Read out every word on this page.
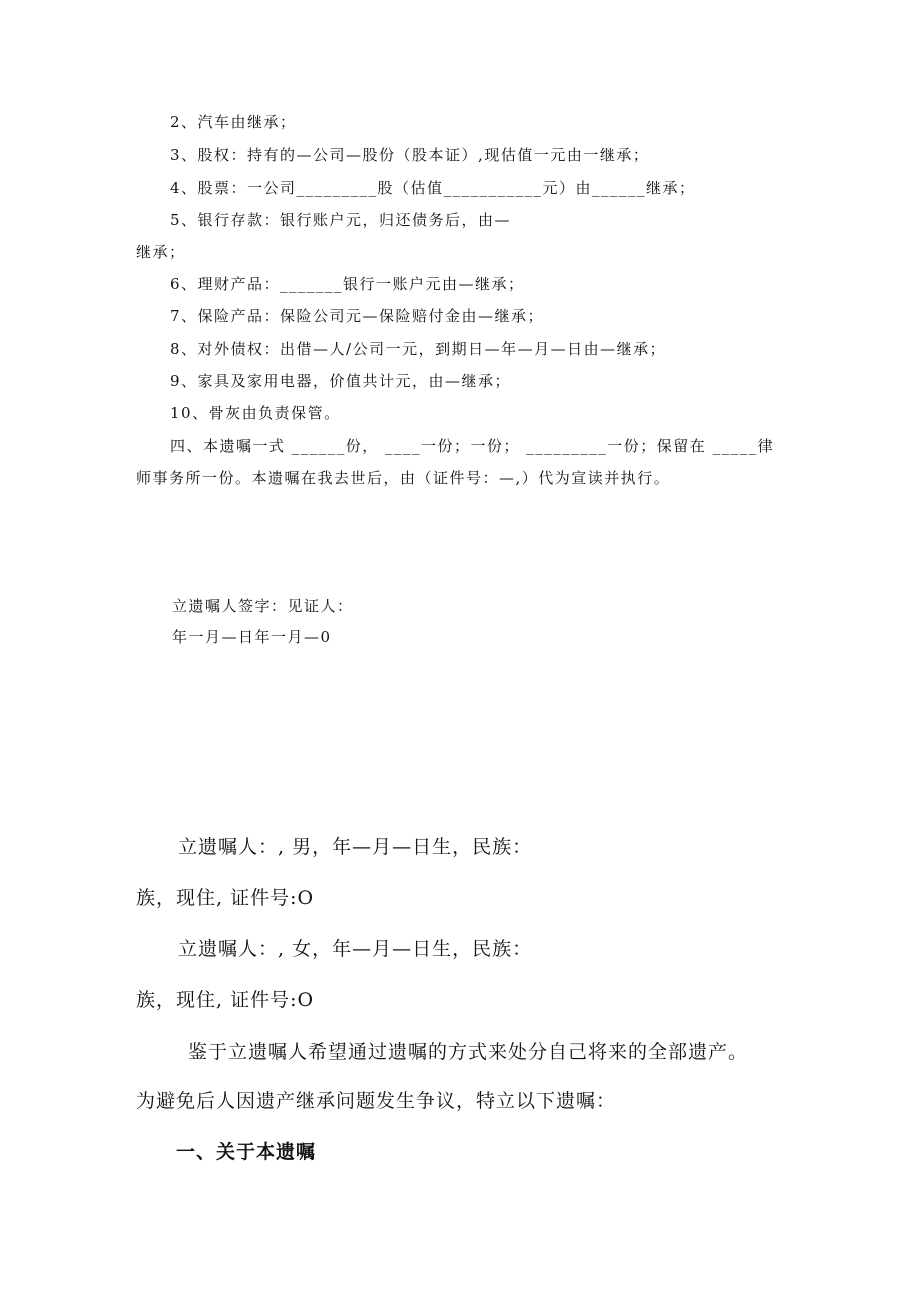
2、汽车由继承；
3、股权：持有的—公司—股份（股本证）,现估值一元由一继承；
4、股票：一公司_________股（估值___________元）由______继承；
5、银行存款：银行账户元，归还债务后，由—
继承；
6、理财产品：_______银行一账户元由—继承；
7、保险产品：保险公司元—保险赔付金由—继承；
8、对外债权：出借—人/公司一元，到期日—年—月—日由—继承；
9、家具及家用电器，价值共计元，由—继承；
10、骨灰由负责保管。
四、本遗嘱一式 ______份， ____一份；一份； _________一份；保留在 _____律
师事务所一份。本遗嘱在我去世后，由（证件号：—,）代为宣读并执行。
立遗嘱人签字：见证人：
年一月—日年一月—0
立遗嘱人：, 男，年—月—日生，民族：
族，现住, 证件号:O
立遗嘱人：, 女，年—月—日生，民族：
族，现住, 证件号:O
鉴于立遗嘱人希望通过遗嘱的方式来处分自己将来的全部遗产。
为避免后人因遗产继承问题发生争议，特立以下遗嘱：
一、关于本遗嘱
